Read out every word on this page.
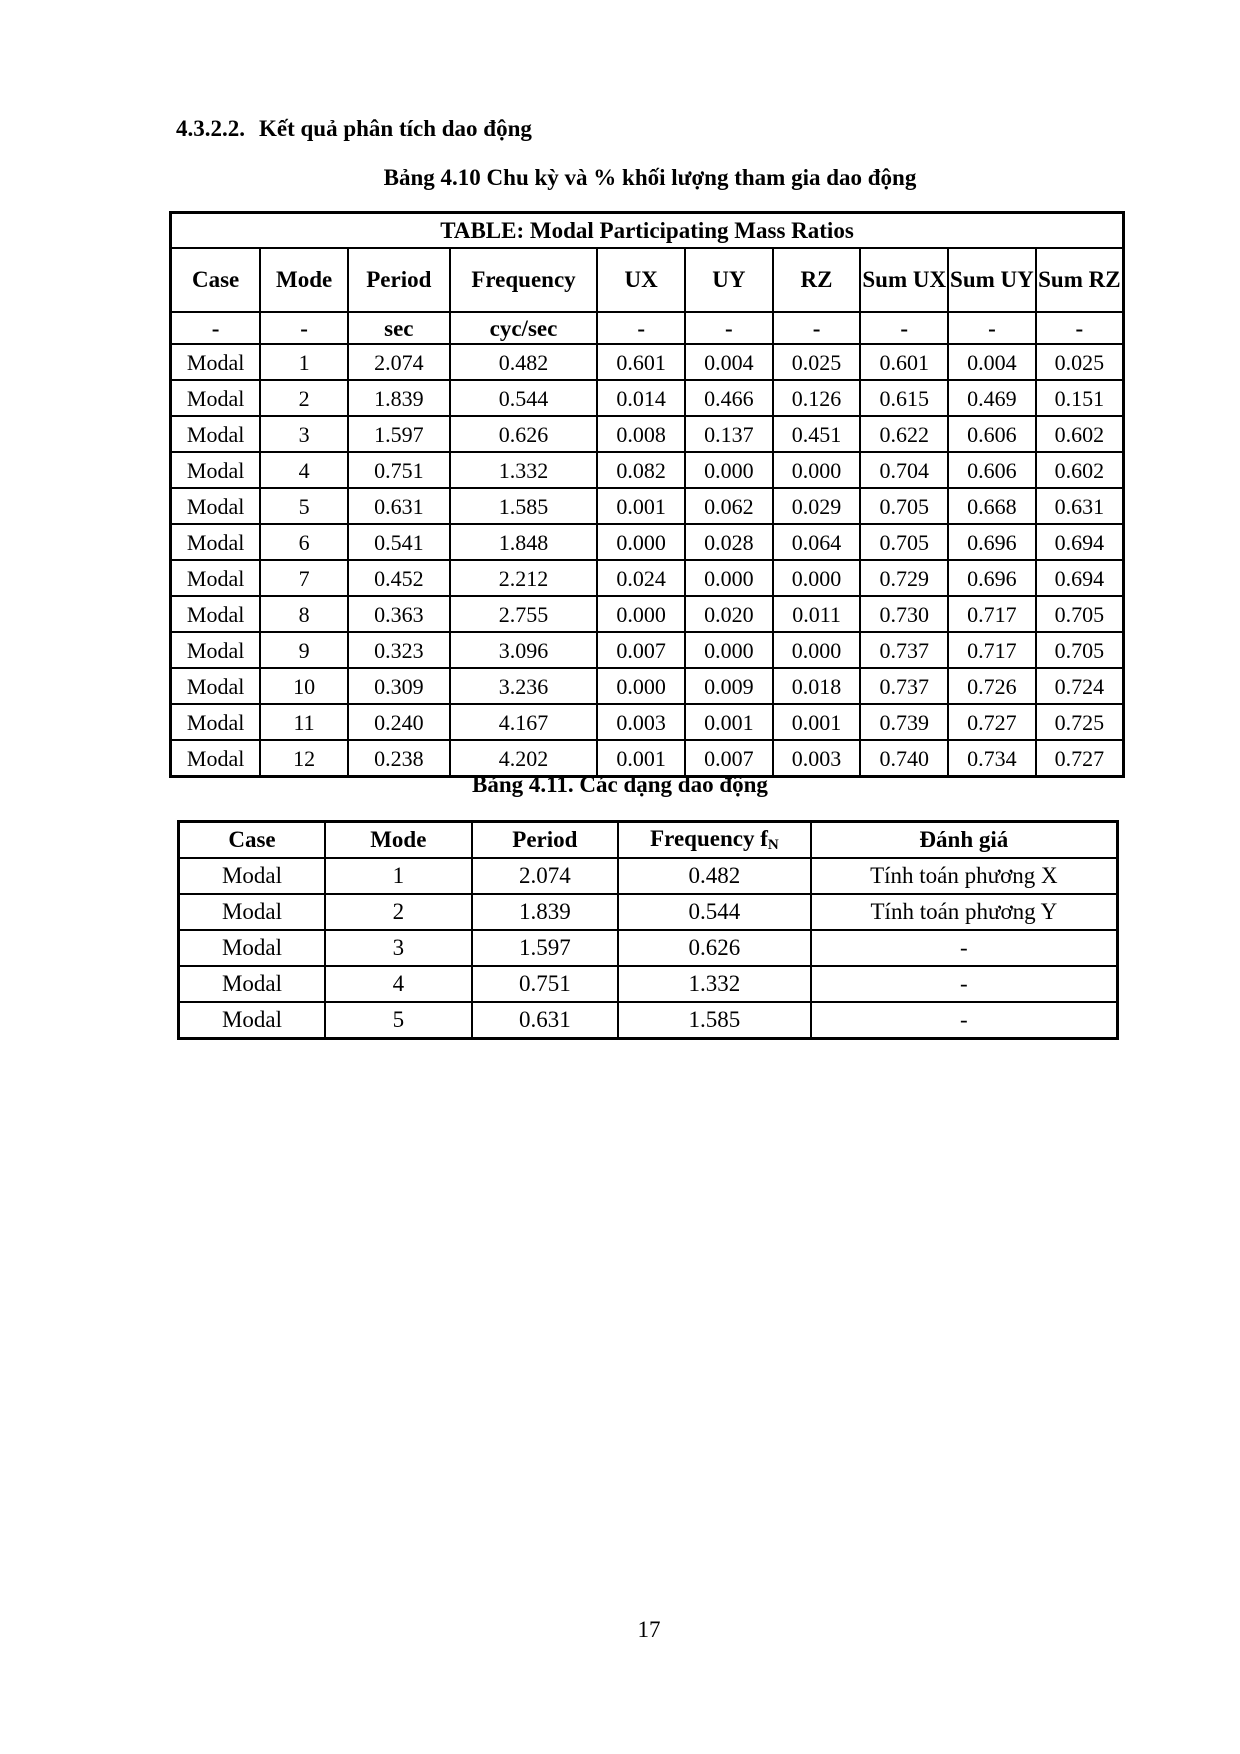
4.3.2.2. Kết quả phân tích dao động
Bảng 4.10 Chu kỳ và % khối lượng tham gia dao động
TABLE: Modal Participating Mass Ratios									
Case	Mode	Period	Frequency	UX	UY	RZ	Sum UX	Sum UY	Sum RZ
-	-	sec	cyc/sec	-	-	-	-	-	-
Modal	1	2.074	0.482	0.601	0.004	0.025	0.601	0.004	0.025
Modal	2	1.839	0.544	0.014	0.466	0.126	0.615	0.469	0.151
Modal	3	1.597	0.626	0.008	0.137	0.451	0.622	0.606	0.602
Modal	4	0.751	1.332	0.082	0.000	0.000	0.704	0.606	0.602
Modal	5	0.631	1.585	0.001	0.062	0.029	0.705	0.668	0.631
Modal	6	0.541	1.848	0.000	0.028	0.064	0.705	0.696	0.694
Modal	7	0.452	2.212	0.024	0.000	0.000	0.729	0.696	0.694
Modal	8	0.363	2.755	0.000	0.020	0.011	0.730	0.717	0.705
Modal	9	0.323	3.096	0.007	0.000	0.000	0.737	0.717	0.705
Modal	10	0.309	3.236	0.000	0.009	0.018	0.737	0.726	0.724
Modal	11	0.240	4.167	0.003	0.001	0.001	0.739	0.727	0.725
Modal	12	0.238	4.202	0.001	0.007	0.003	0.740	0.734	0.727
Bảng 4.11. Các dạng dao động
Case	Mode	Period	Frequency $f_N$	Đánh giá
Modal	1	2.074	0.482	Tính toán phương X
Modal	2	1.839	0.544	Tính toán phương Y
Modal	3	1.597	0.626	-
Modal	4	0.751	1.332	-
Modal	5	0.631	1.585	-
17
